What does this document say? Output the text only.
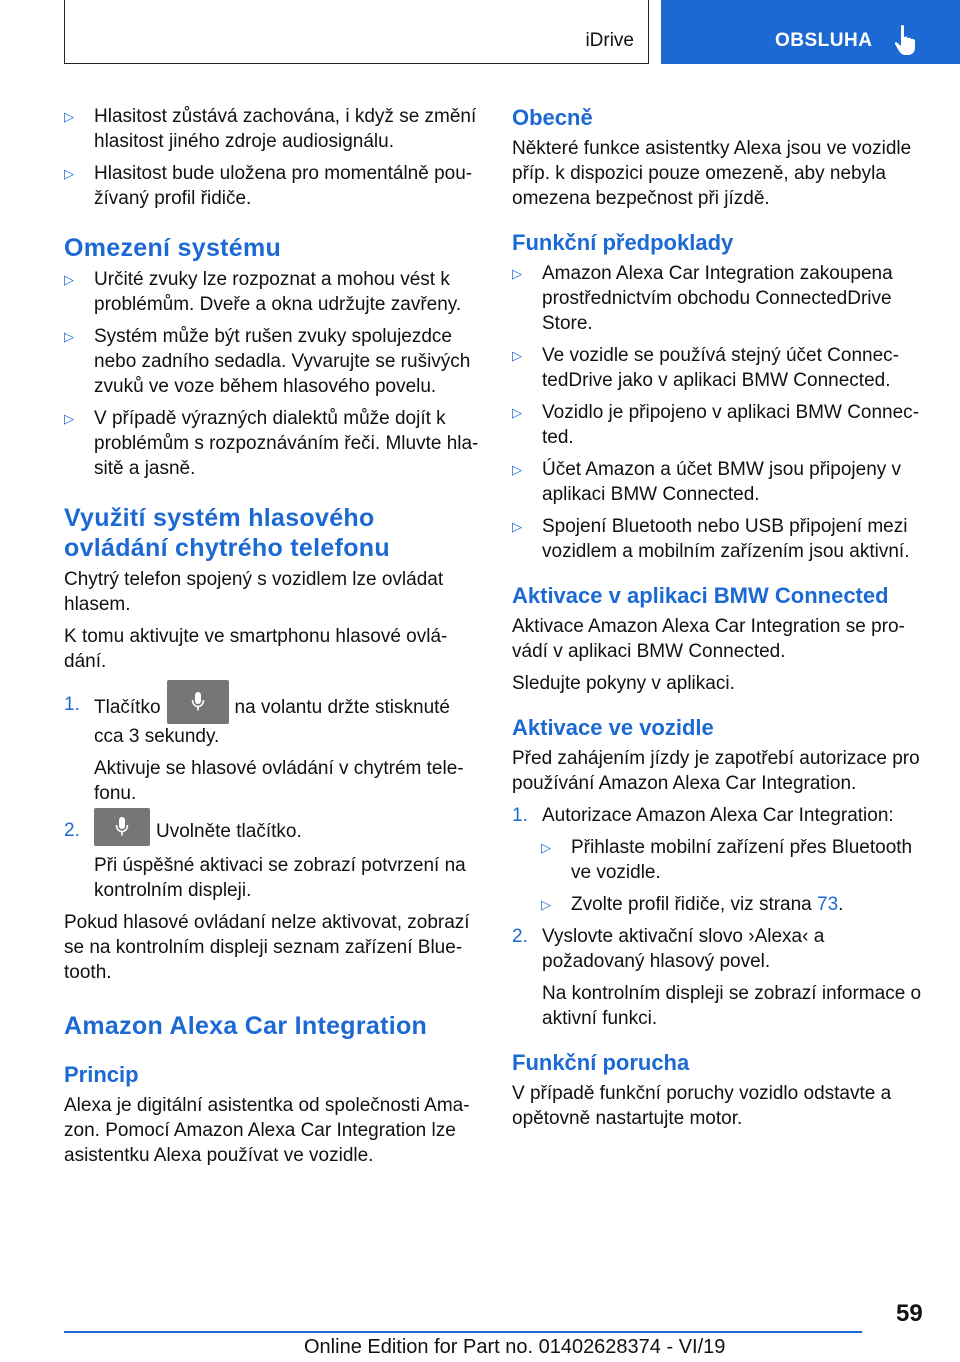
iDrive	OBSLUHA
▷ Hlasitost zůstává zachována, i když se změní hlasitost jiného zdroje audiosignálu.
▷ Hlasitost bude uložena pro momentálně používaný profil řidiče.
Omezení systému
▷ Určité zvuky lze rozpoznat a mohou vést k problémům. Dveře a okna udržujte zavřeny.
▷ Systém může být rušen zvuky spolujezdce nebo zadního sedadla. Vyvarujte se rušivých zvuků ve voze během hlasového povelu.
▷ V případě výrazných dialektů může dojít k problémům s rozpoznáváním řeči. Mluvte hlasitě a jasně.
Využití systém hlasového ovládání chytrého telefonu

Chytrý telefon spojený s vozidlem lze ovládat hlasem.

K tomu aktivujte ve smartphonu hlasové ovládání.

1. Tlačítko	na volantu držte stisknuté cca 3 sekundy.

Aktivuje se hlasové ovládání v chytrém telefonu.

2.	Uvolněte tlačítko.

Při úspěšné aktivaci se zobrazí potvrzení na kontrolním displeji.

Pokud hlasové ovládaní nelze aktivovat, zobrazí se na kontrolním displeji seznam zařízení Bluetooth.

Amazon Alexa Car Integration
Princip

Alexa je digitální asistentka od společnosti Amazon. Pomocí Amazon Alexa Car Integration lze asistentku Alexa používat ve vozidle.

Obecně

Některé funkce asistentky Alexa jsou ve vozidle příp. k dispozici pouze omezeně, aby nebyla omezena bezpečnost při jízdě.

Funkční předpoklady
▷ Amazon Alexa Car Integration zakoupena prostřednictvím obchodu ConnectedDrive Store.
▷ Ve vozidle se používá stejný účet ConnectedDrive jako v aplikaci BMW Connected.
▷ Vozidlo je připojeno v aplikaci BMW Connected.
▷ Účet Amazon a účet BMW jsou připojeny v aplikaci BMW Connected.
▷ Spojení Bluetooth nebo USB připojení mezi vozidlem a mobilním zařízením jsou aktivní.
Aktivace v aplikaci BMW Connected

Aktivace Amazon Alexa Car Integration se provádí v aplikaci BMW Connected.

Sledujte pokyny v aplikaci.

Aktivace ve vozidle

Před zahájením jízdy je zapotřebí autorizace pro používání Amazon Alexa Car Integration.

1. Autorizace Amazon Alexa Car Integration:
▷ Přihlaste mobilní zařízení přes Bluetooth ve vozidle.
▷ Zvolte profil řidiče, viz strana 73.
2. Vyslovte aktivační slovo ›Alexa‹ a požadovaný hlasový povel.

Na kontrolním displeji se zobrazí informace o aktivní funkci.

Funkční porucha

V případě funkční poruchy vozidlo odstavte a opětovně nastartujte motor.

59
Online Edition for Part no. 01402628374 - VI/19
